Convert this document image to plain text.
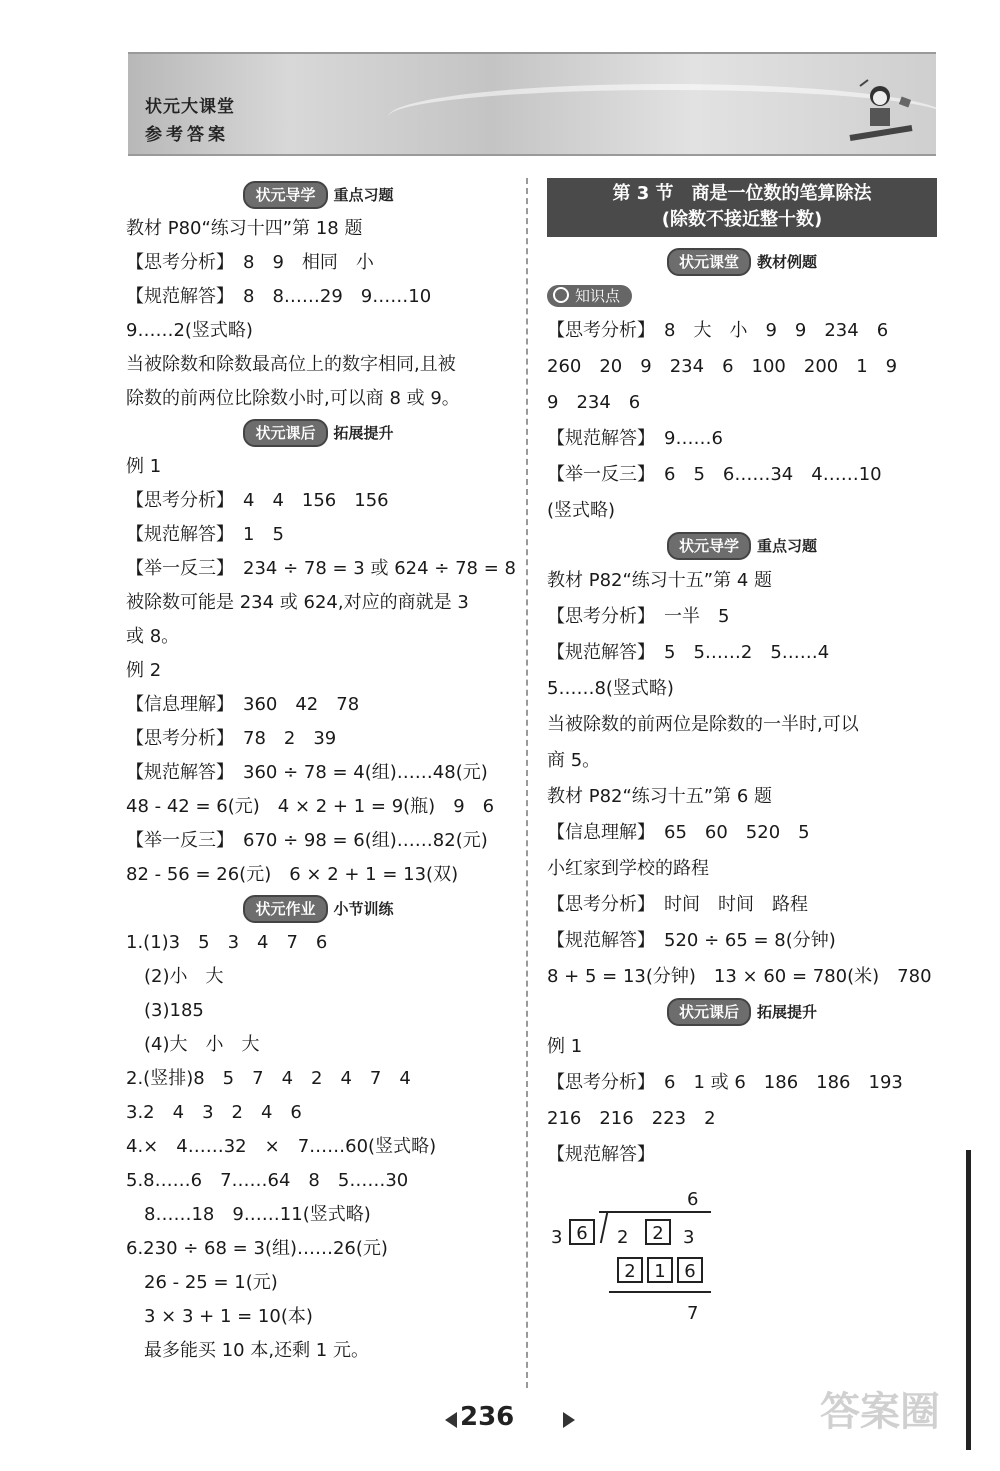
状元大课堂
参考答案
状元导学	重点习题
教材 P80“练习十四”第 18 题
【思考分析】　8　9　相同　小
【规范解答】　8　8……29　9……10
9……2(竖式略)
当被除数和除数最高位上的数字相同,且被
除数的前两位比除数小时,可以商 8 或 9。
状元课后	拓展提升
例 1
【思考分析】　4　4　156　156
【规范解答】　1　5
【举一反三】　234 ÷ 78 = 3 或 624 ÷ 78 = 8
被除数可能是 234 或 624,对应的商就是 3
或 8。
例 2
【信息理解】　360　42　78
【思考分析】　78　2　39
【规范解答】　360 ÷ 78 = 4(组)……48(元)
48 - 42 = 6(元)　4 × 2 + 1 = 9(瓶)　9　6
【举一反三】　670 ÷ 98 = 6(组)……82(元)
82 - 56 = 26(元)　6 × 2 + 1 = 13(双)
状元作业	小节训练
1.(1)3　5　3　4　7　6
(2)小　大
(3)185
(4)大　小　大
2.(竖排)8　5　7　4　2　4　7　4
3.2　4　3　2　4　6
4.×　4……32　×　7……60(竖式略)
5.8……6　7……64　8　5……30
8……18　9……11(竖式略)
6.230 ÷ 68 = 3(组)……26(元)
26 - 25 = 1(元)
3 × 3 + 1 = 10(本)
最多能买 10 本,还剩 1 元。
第 3 节　商是一位数的笔算除法
(除数不接近整十数)
状元课堂	教材例题
知识点
【思考分析】　8　大　小　9　9　234　6
260　20　9　234　6　100　200　1　9
9　234　6
【规范解答】　9……6
【举一反三】　6　5　6……34　4……10
(竖式略)
状元导学	重点习题
教材 P82“练习十五”第 4 题
【思考分析】　一半　5
【规范解答】　5　5……2　5……4
5……8(竖式略)
当被除数的前两位是除数的一半时,可以
商 5。
教材 P82“练习十五”第 6 题
【信息理解】　65　60　520　5
小红家到学校的路程
【思考分析】　时间　时间　路程
【规范解答】　520 ÷ 65 = 8(分钟)
8 + 5 = 13(分钟)　13 × 60 = 780(米)　780
状元课后	拓展提升
例 1
【思考分析】　6　1 或 6　186　186　193
216　216　223　2
【规范解答】
6
3 6	2	2	3
2	1	6
7
236	答案圈
